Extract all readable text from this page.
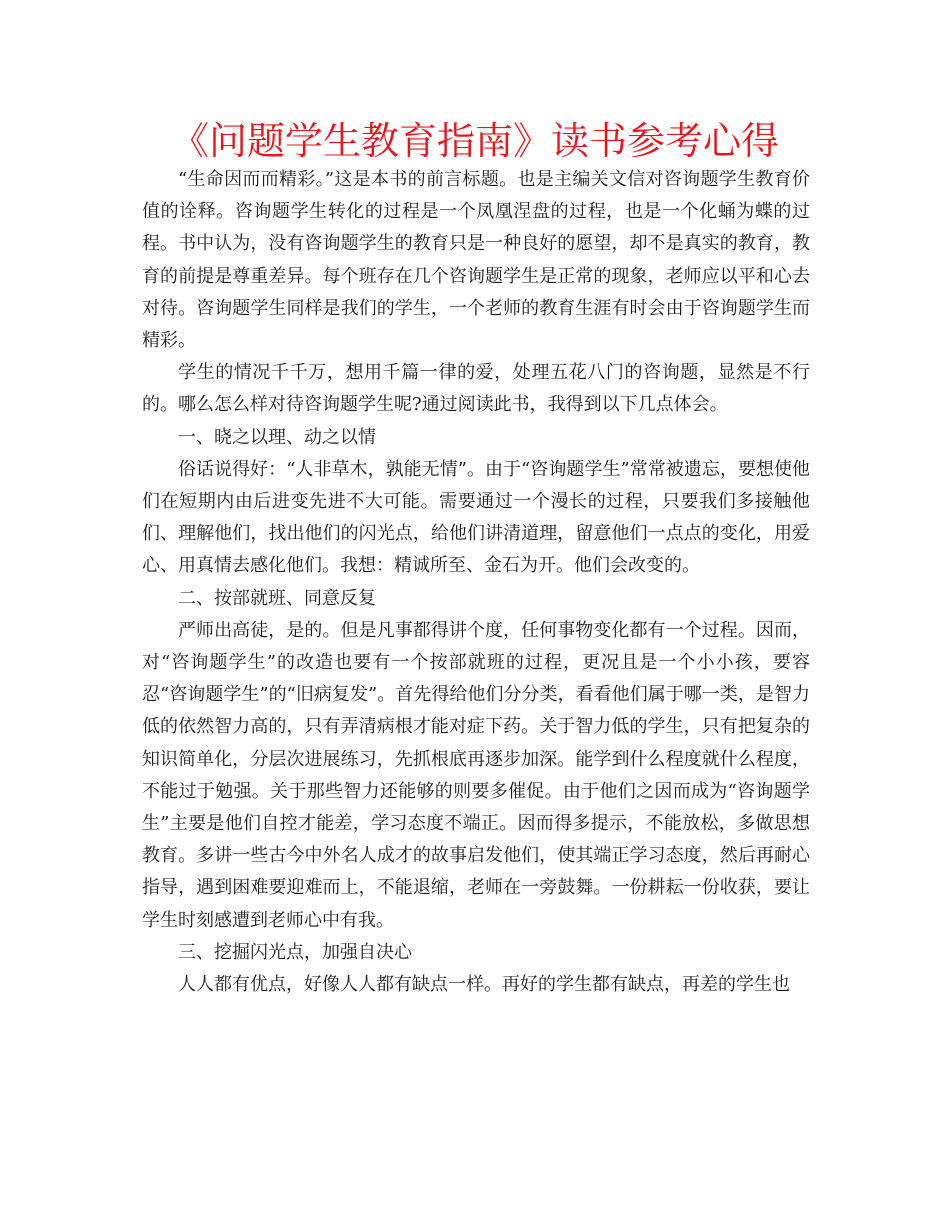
《问题学生教育指南》读书参考心得

“生命因而而精彩。”这是本书的前言标题。也是主编关文信对咨询题学生教育价值的诠释。咨询题学生转化的过程是一个凤凰涅盘的过程，也是一个化蛹为蝶的过程。书中认为，没有咨询题学生的教育只是一种良好的愿望，却不是真实的教育，教育的前提是尊重差异。每个班存在几个咨询题学生是正常的现象，老师应以平和心去对待。咨询题学生同样是我们的学生，一个老师的教育生涯有时会由于咨询题学生而精彩。

学生的情况千千万，想用千篇一律的爱，处理五花八门的咨询题，显然是不行的。哪么怎么样对待咨询题学生呢?通过阅读此书，我得到以下几点体会。

一、晓之以理、动之以情

俗话说得好：“人非草木，孰能无情”。由于“咨询题学生”常常被遗忘，要想使他们在短期内由后进变先进不大可能。需要通过一个漫长的过程，只要我们多接触他们、理解他们，找出他们的闪光点，给他们讲清道理，留意他们一点点的变化，用爱心、用真情去感化他们。我想：精诚所至、金石为开。他们会改变的。

二、按部就班、同意反复

严师出高徒，是的。但是凡事都得讲个度，任何事物变化都有一个过程。因而，对“咨询题学生”的改造也要有一个按部就班的过程，更况且是一个小小孩，要容忍“咨询题学生”的“旧病复发”。首先得给他们分分类，看看他们属于哪一类，是智力低的依然智力高的，只有弄清病根才能对症下药。关于智力低的学生，只有把复杂的知识简单化，分层次进展练习，先抓根底再逐步加深。能学到什么程度就什么程度，不能过于勉强。关于那些智力还能够的则要多催促。由于他们之因而成为“咨询题学生”主要是他们自控才能差，学习态度不端正。因而得多提示，不能放松，多做思想教育。多讲一些古今中外名人成才的故事启发他们，使其端正学习态度，然后再耐心指导，遇到困难要迎难而上，不能退缩，老师在一旁鼓舞。一份耕耘一份收获，要让学生时刻感遭到老师心中有我。

三、挖掘闪光点，加强自决心

人人都有优点，好像人人都有缺点一样。再好的学生都有缺点，再差的学生也
